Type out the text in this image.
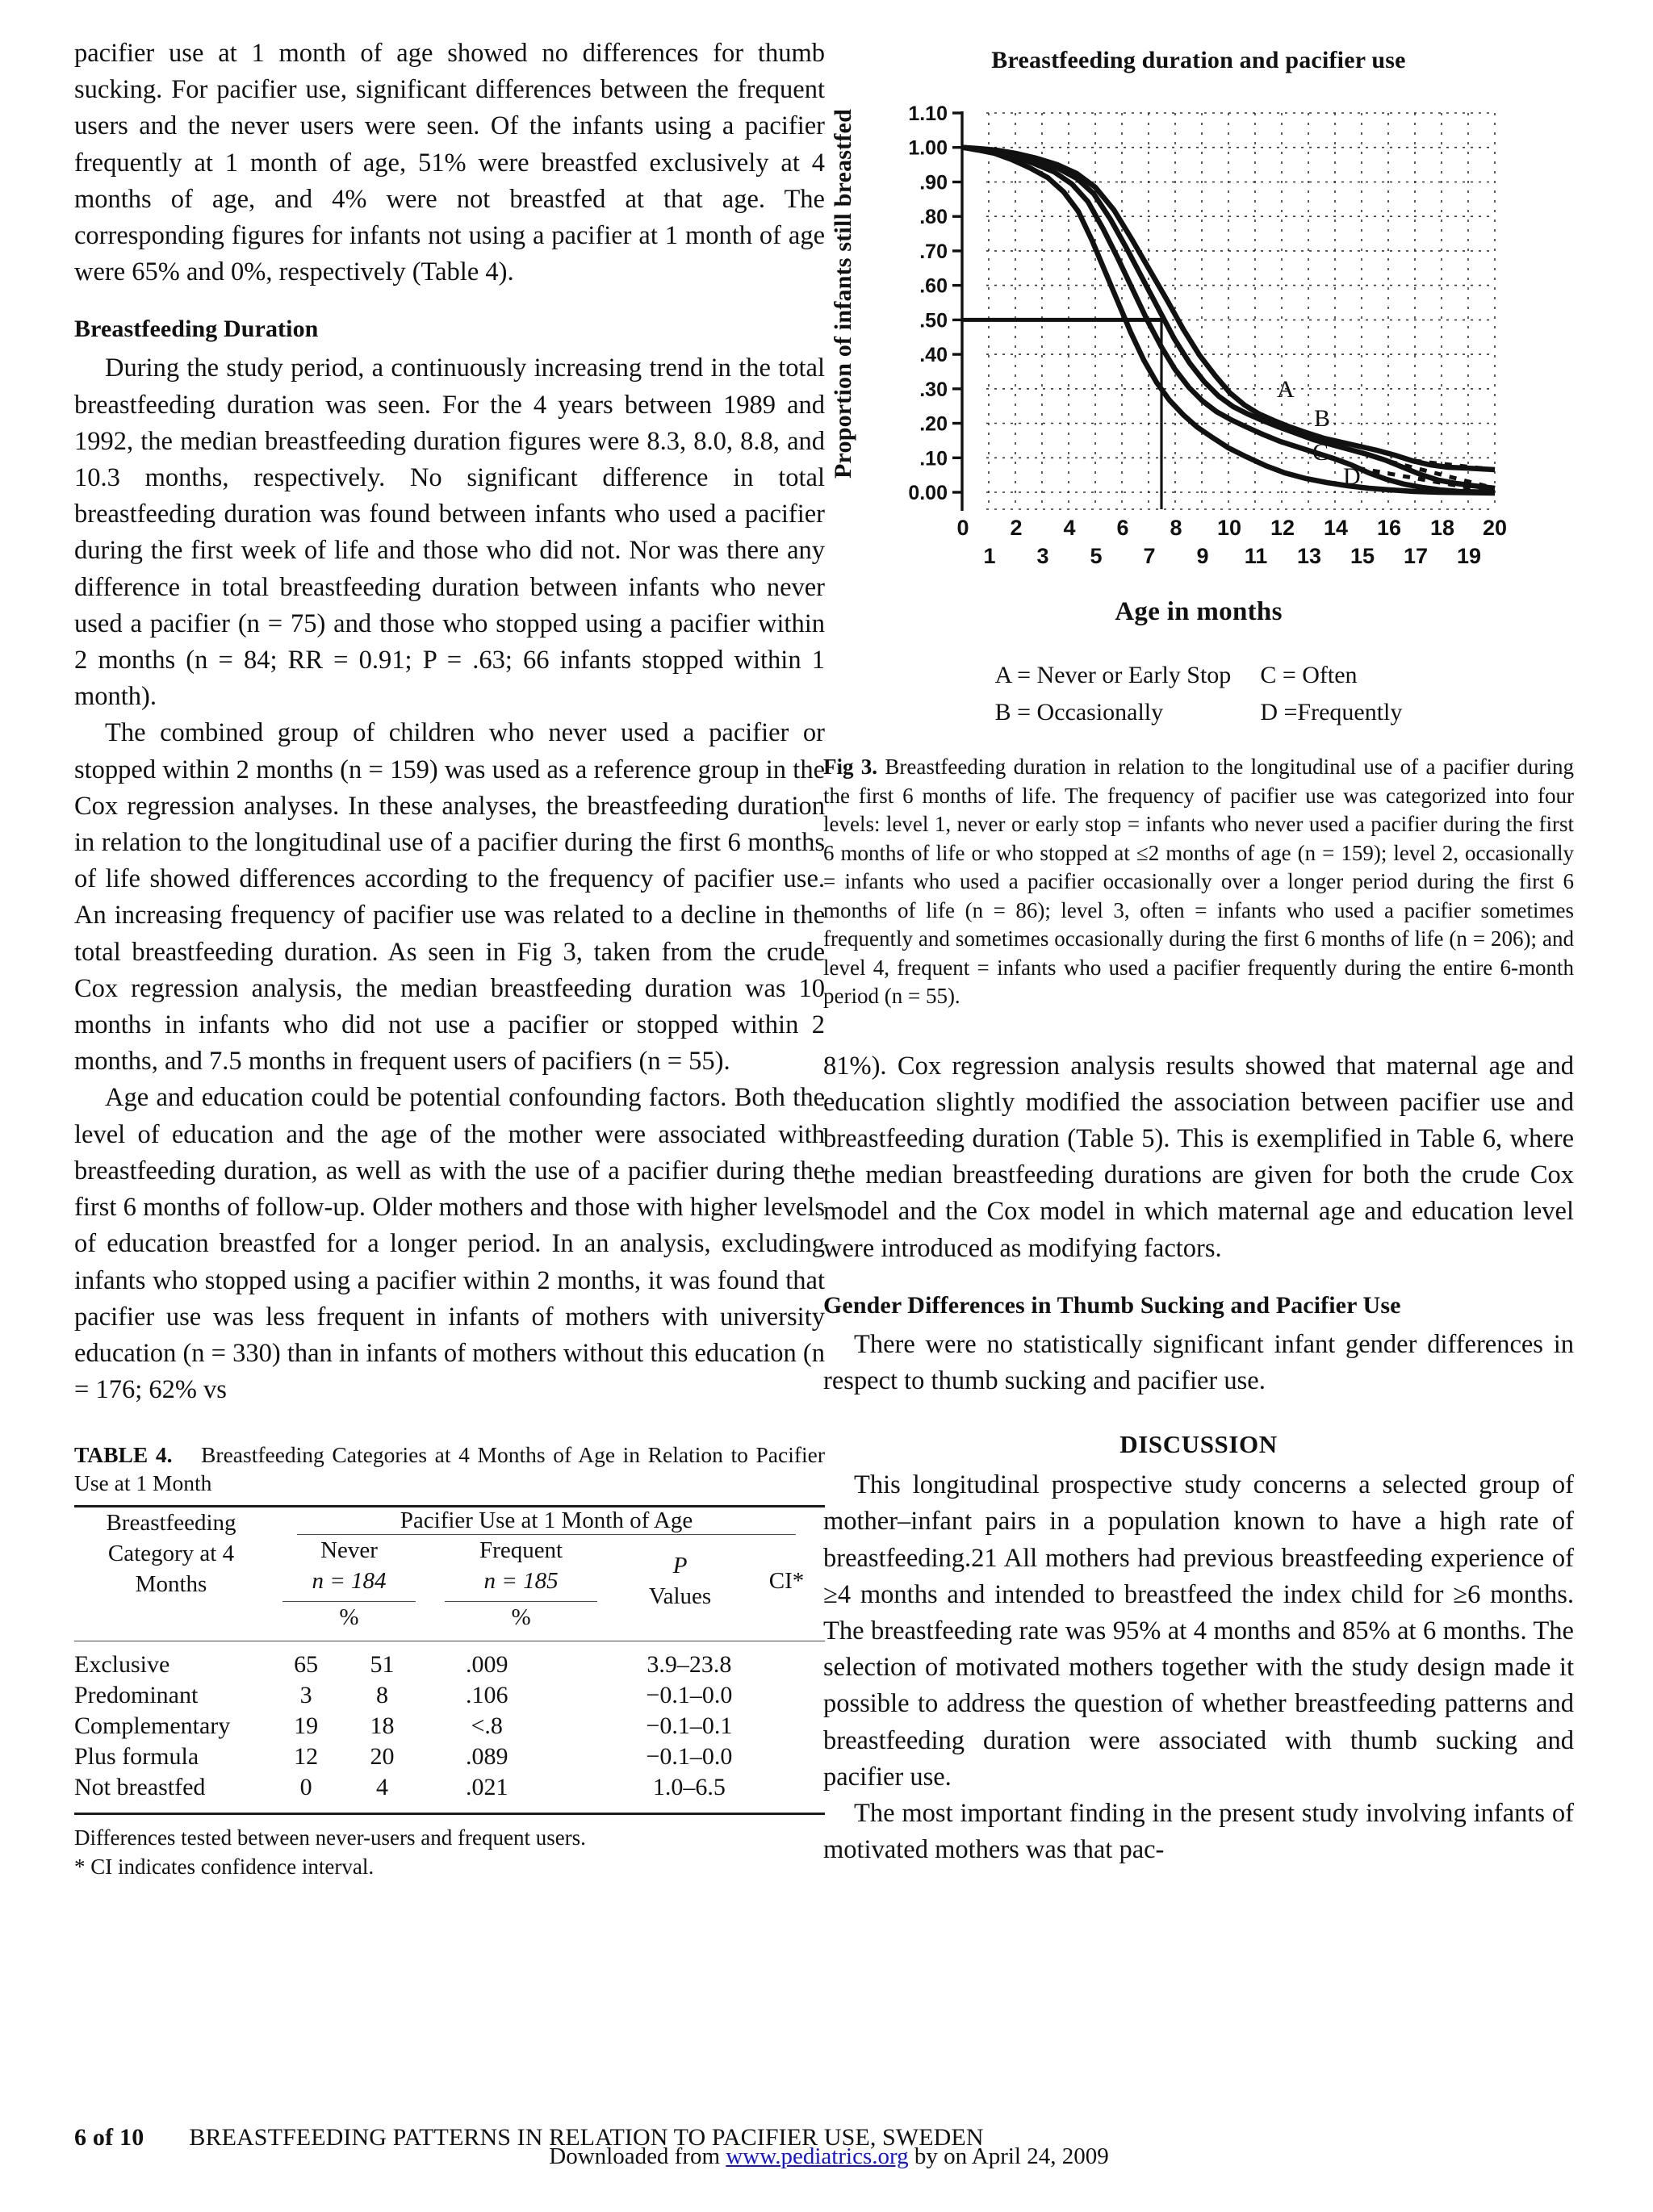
pacifier use at 1 month of age showed no differences for thumb sucking. For pacifier use, significant differences between the frequent users and the never users were seen. Of the infants using a pacifier frequently at 1 month of age, 51% were breastfed exclusively at 4 months of age, and 4% were not breastfed at that age. The corresponding figures for infants not using a pacifier at 1 month of age were 65% and 0%, respectively (Table 4).

Breastfeeding Duration

During the study period, a continuously increasing trend in the total breastfeeding duration was seen. For the 4 years between 1989 and 1992, the median breastfeeding duration figures were 8.3, 8.0, 8.8, and 10.3 months, respectively. No significant difference in total breastfeeding duration was found between infants who used a pacifier during the first week of life and those who did not. Nor was there any difference in total breastfeeding duration between infants who never used a pacifier (n = 75) and those who stopped using a pacifier within 2 months (n = 84; RR = 0.91; P = .63; 66 infants stopped within 1 month).

The combined group of children who never used a pacifier or stopped within 2 months (n = 159) was used as a reference group in the Cox regression analyses. In these analyses, the breastfeeding duration in relation to the longitudinal use of a pacifier during the first 6 months of life showed differences according to the frequency of pacifier use. An increasing frequency of pacifier use was related to a decline in the total breastfeeding duration. As seen in Fig 3, taken from the crude Cox regression analysis, the median breastfeeding duration was 10 months in infants who did not use a pacifier or stopped within 2 months, and 7.5 months in frequent users of pacifiers (n = 55).

Age and education could be potential confounding factors. Both the level of education and the age of the mother were associated with breastfeeding duration, as well as with the use of a pacifier during the first 6 months of follow-up. Older mothers and those with higher levels of education breastfed for a longer period. In an analysis, excluding infants who stopped using a pacifier within 2 months, it was found that pacifier use was less frequent in infants of mothers with university education (n = 330) than in infants of mothers without this education (n = 176; 62% vs

TABLE 4. Breastfeeding Categories at 4 Months of Age in Relation to Pacifier Use at 1 Month
Breastfeeding Category at 4 Months	Pacifier Use at 1 Month of Age			

	Never
n = 184
%	Frequent
n = 185
%	P
Values	CI*

Exclusive	65	51	.009	3.9–23.8
Predominant	3	8	.106	−0.1–0.0
Complementary	19	18	<.8	−0.1–0.1
Plus formula	12	20	.089	−0.1–0.0
Not breastfed	0	4	.021	1.0–6.5
Differences tested between never-users and frequent users.
* CI indicates confidence interval.
Breastfeeding duration and pacifier use
Proportion of infants still breastfed	1.10
1.00
.90
.80
.70
.60
.50
.40
.30
.20
.10
0.00
A
B
C
D
0 2 4 6 8 10 12 14 16 18 20
1 3 5 7 9 11 13 15 17 19
Age in months
A = Never or Early Stop C = Often
B = Occasionally	D =Frequently
Fig 3. Breastfeeding duration in relation to the longitudinal use of a pacifier during the first 6 months of life. The frequency of pacifier use was categorized into four levels: level 1, never or early stop = infants who never used a pacifier during the first 6 months of life or who stopped at ≤2 months of age (n = 159); level 2, occasionally = infants who used a pacifier occasionally over a longer period during the first 6 months of life (n = 86); level 3, often = infants who used a pacifier sometimes frequently and sometimes occasionally during the first 6 months of life (n = 206); and level 4, frequent = infants who used a pacifier frequently during the entire 6-month period (n = 55).

81%). Cox regression analysis results showed that maternal age and education slightly modified the association between pacifier use and breastfeeding duration (Table 5). This is exemplified in Table 6, where the median breastfeeding durations are given for both the crude Cox model and the Cox model in which maternal age and education level were introduced as modifying factors.

Gender Differences in Thumb Sucking and Pacifier Use

There were no statistically significant infant gender differences in respect to thumb sucking and pacifier use.

DISCUSSION

This longitudinal prospective study concerns a selected group of mother–infant pairs in a population known to have a high rate of breastfeeding.21 All mothers had previous breastfeeding experience of ≥4 months and intended to breastfeed the index child for ≥6 months. The breastfeeding rate was 95% at 4 months and 85% at 6 months. The selection of motivated mothers together with the study design made it possible to address the question of whether breastfeeding patterns and breastfeeding duration were associated with thumb sucking and pacifier use.

The most important finding in the present study involving infants of motivated mothers was that pac-

6 of 10 BREASTFEEDING PATTERNS IN RELATION TO PACIFIER USE, SWEDEN
Downloaded from www.pediatrics.org by on April 24, 2009
